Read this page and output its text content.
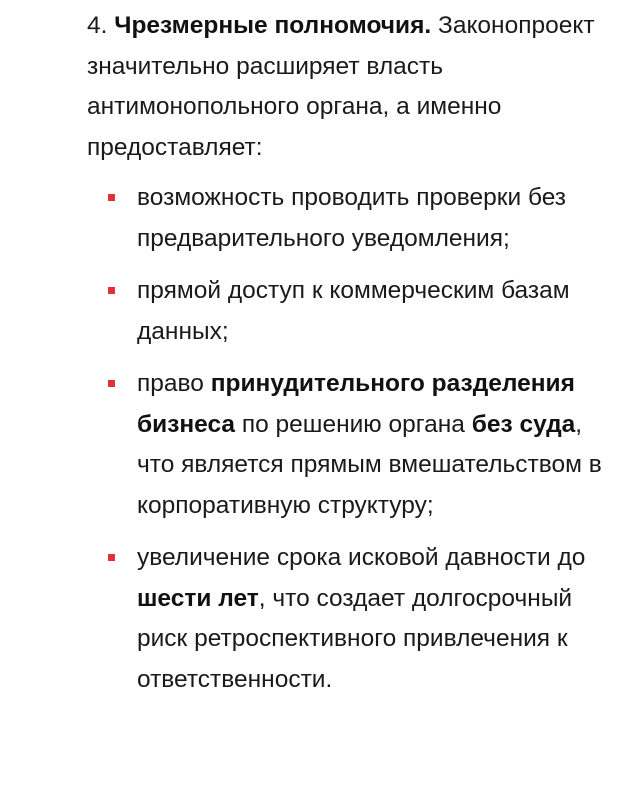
4. Чрезмерные полномочия. Законопроект значительно расширяет власть антимонопольного органа, а именно предоставляет:

возможность проводить проверки без предварительного уведомления;
прямой доступ к коммерческим базам данных;
право принудительного разделения бизнеса по решению органа без суда, что является прямым вмешательством в корпоративную структуру;
увеличение срока исковой давности до шести лет, что создает долгосрочный риск ретроспективного привлечения к ответственности.
